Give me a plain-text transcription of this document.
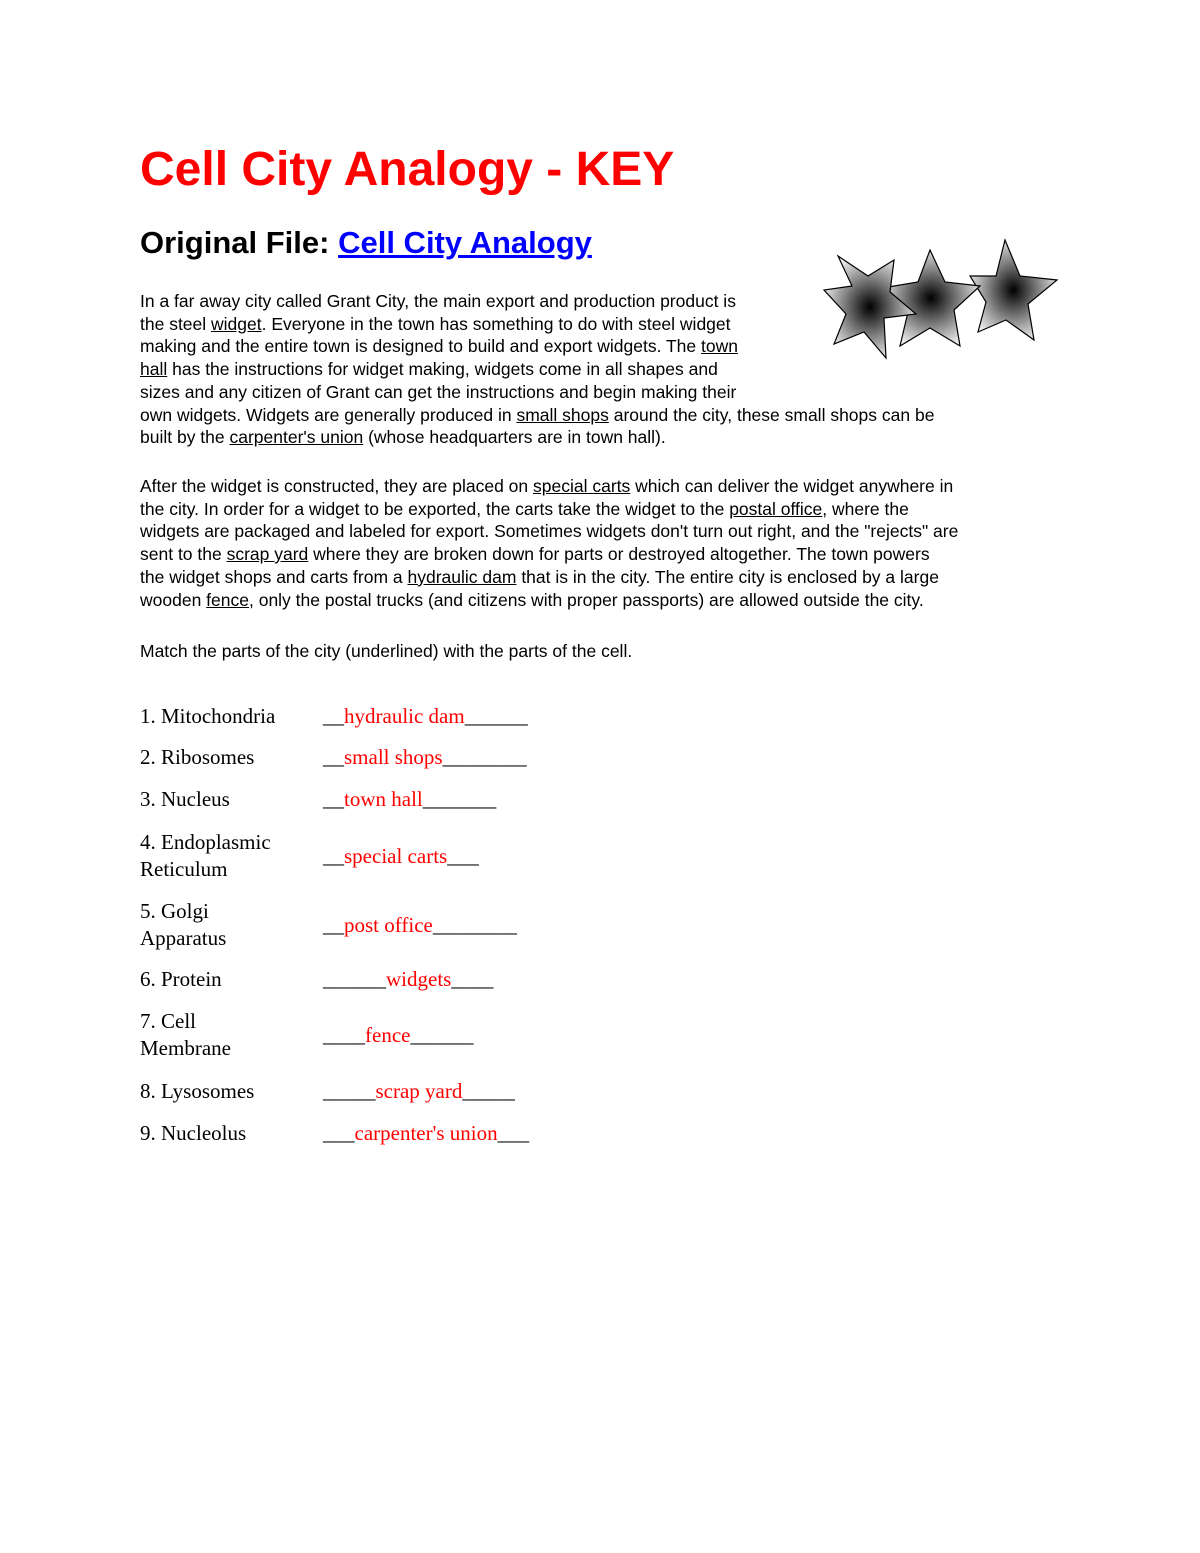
Cell City Analogy - KEY
Original File: Cell City Analogy
In a far away city called Grant City, the main export and production product is
the steel widget. Everyone in the town has something to do with steel widget
making and the entire town is designed to build and export widgets. The town
hall has the instructions for widget making, widgets come in all shapes and
sizes and any citizen of Grant can get the instructions and begin making their
own widgets. Widgets are generally produced in small shops around the city, these small shops can be
built by the carpenter's union (whose headquarters are in town hall).
After the widget is constructed, they are placed on special carts which can deliver the widget anywhere in
the city. In order for a widget to be exported, the carts take the widget to the postal office, where the
widgets are packaged and labeled for export. Sometimes widgets don't turn out right, and the "rejects" are
sent to the scrap yard where they are broken down for parts or destroyed altogether. The town powers
the widget shops and carts from a hydraulic dam that is in the city. The entire city is enclosed by a large
wooden fence, only the postal trucks (and citizens with proper passports) are allowed outside the city.
Match the parts of the city (underlined) with the parts of the cell.
1. Mitochondria	__hydraulic dam______
2. Ribosomes	__small shops________
3. Nucleus	__town hall_______
4. Endoplasmic
Reticulum
__special carts___
5. Golgi
Apparatus
__post office________
6. Protein	______widgets____
7. Cell
Membrane
____fence______
8. Lysosomes	_____scrap yard_____
9. Nucleolus	___carpenter's union___
